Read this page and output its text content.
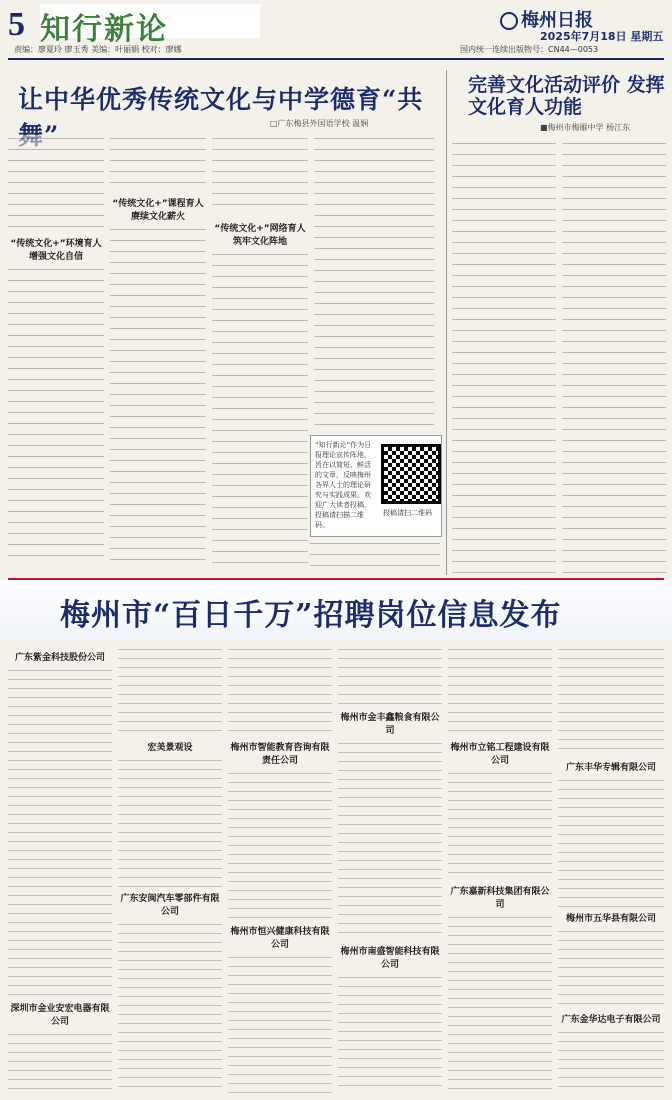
5 知行新论
责编：廖夏玲 廖玉秀 美编：叶丽娟 校对：廖娜
梅州日报
2025年7月18日 星期五
国内统一连续出版物号：CN44—0053
让中华优秀传统文化与中学德育“共
□广东梅县外国语学校 温娴
“传统文化+”环境育人 增强文化自信
“传统文化+”课程育人 赓续文化薪火
“传统文化+”网络育人 筑牢文化阵地
“知行新论”作为日报理论宣传阵地，旨在以简短、鲜活的文章，反映梅州各界人士的理论研究与实践成果。欢迎广大读者投稿，投稿请扫描二维码。
投稿请扫二维码
完善文化活动评价 发挥文化育人功能
■梅州市梅雁中学 杨江东
梅州市“百日千万”招聘岗位信息发布
广东紫金科技股份公司
深圳市金业安宏电器有限公司
宏美景观设
广东安闽汽车零部件有限公司
梅州市智能教育咨询有限责任公司
梅州市恒兴健康科技有限公司
梅州市金丰鑫粮食有限公司
梅州市南盛智能科技有限公司
梅州市立铭工程建设有限公司
广东嘉新科技集团有限公司
广东丰华专辑有限公司
梅州市五华县有限公司
广东金华达电子有限公司
